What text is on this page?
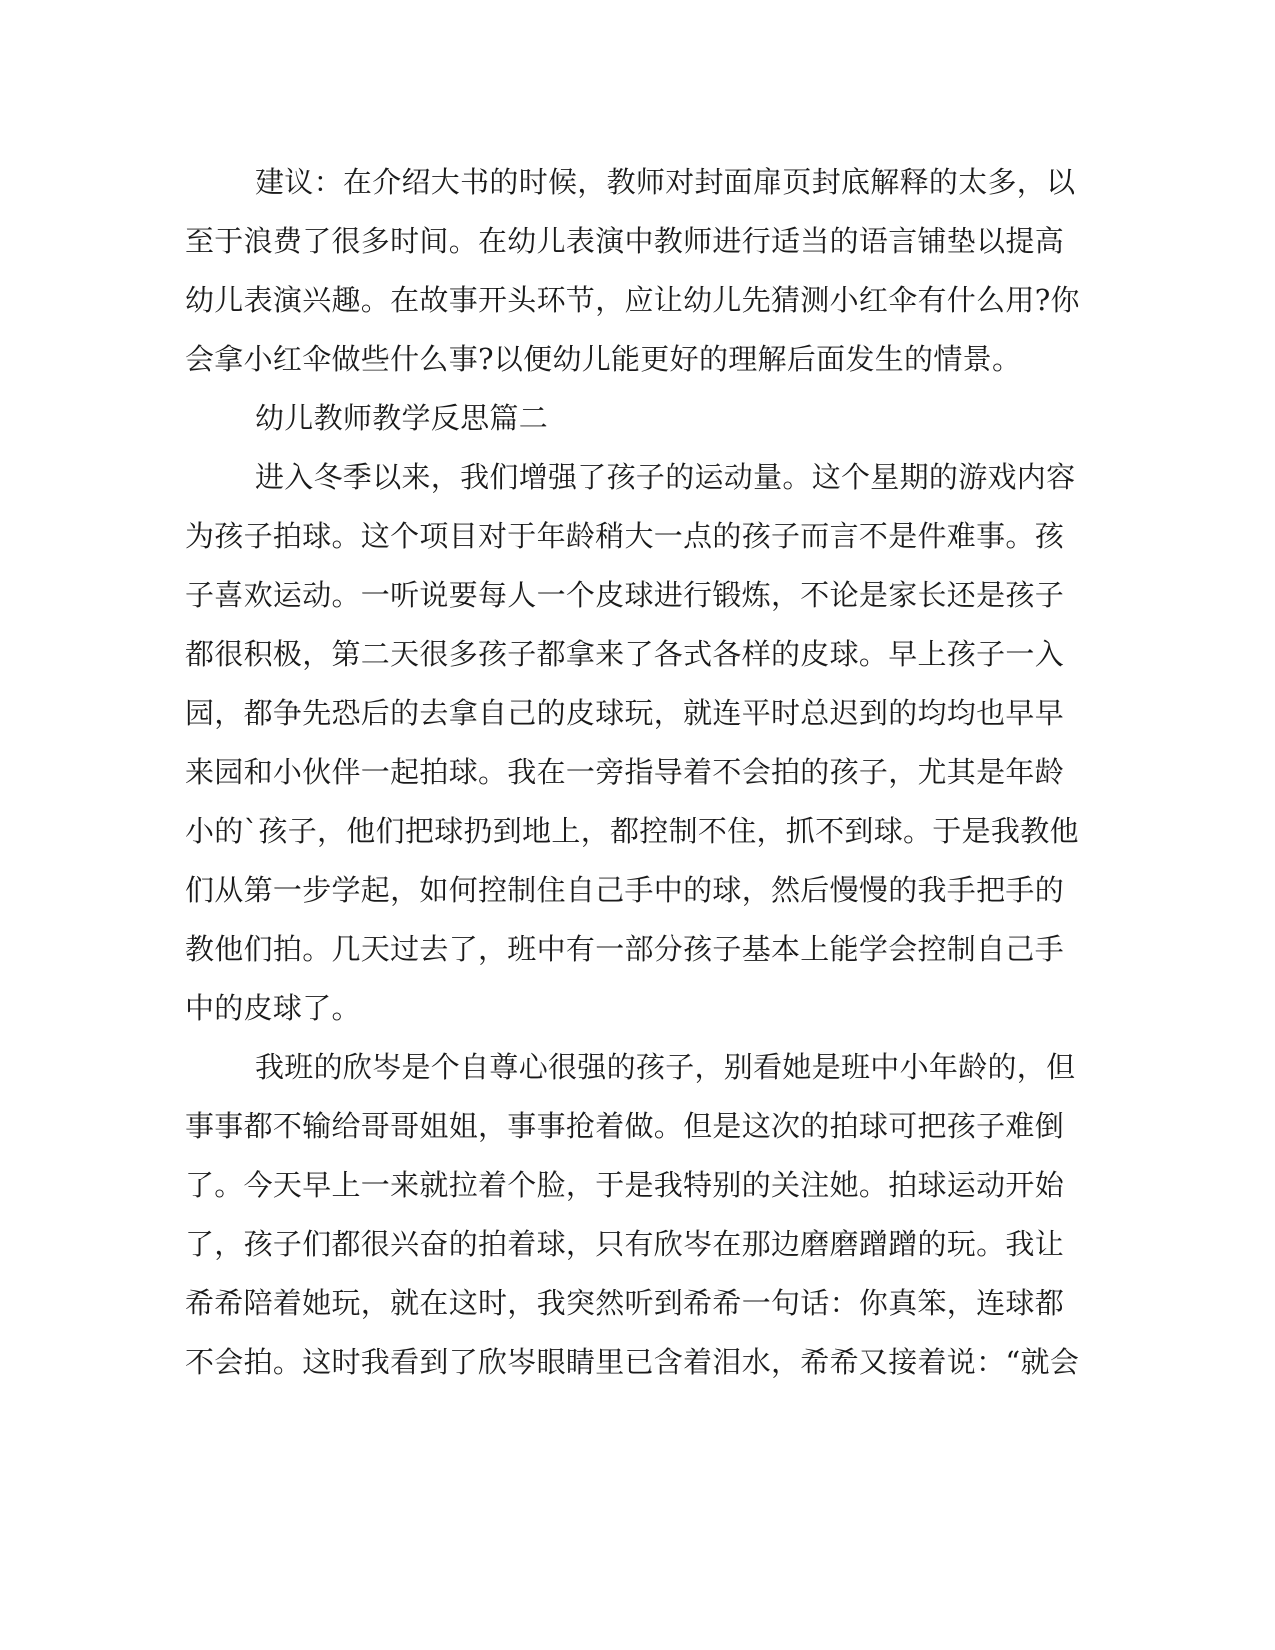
建议：在介绍大书的时候，教师对封面扉页封底解释的太多，以
至于浪费了很多时间。在幼儿表演中教师进行适当的语言铺垫以提高
幼儿表演兴趣。在故事开头环节，应让幼儿先猜测小红伞有什么用?你
会拿小红伞做些什么事?以便幼儿能更好的理解后面发生的情景。
幼儿教师教学反思篇二
进入冬季以来，我们增强了孩子的运动量。这个星期的游戏内容
为孩子拍球。这个项目对于年龄稍大一点的孩子而言不是件难事。孩
子喜欢运动。一听说要每人一个皮球进行锻炼，不论是家长还是孩子
都很积极，第二天很多孩子都拿来了各式各样的皮球。早上孩子一入
园，都争先恐后的去拿自己的皮球玩，就连平时总迟到的均均也早早
来园和小伙伴一起拍球。我在一旁指导着不会拍的孩子，尤其是年龄
小的`孩子，他们把球扔到地上，都控制不住，抓不到球。于是我教他
们从第一步学起，如何控制住自己手中的球，然后慢慢的我手把手的
教他们拍。几天过去了，班中有一部分孩子基本上能学会控制自己手
中的皮球了。
我班的欣岑是个自尊心很强的孩子，别看她是班中小年龄的，但
事事都不输给哥哥姐姐，事事抢着做。但是这次的拍球可把孩子难倒
了。今天早上一来就拉着个脸，于是我特别的关注她。拍球运动开始
了，孩子们都很兴奋的拍着球，只有欣岑在那边磨磨蹭蹭的玩。我让
希希陪着她玩，就在这时，我突然听到希希一句话：你真笨，连球都
不会拍。这时我看到了欣岑眼睛里已含着泪水，希希又接着说：“就会
